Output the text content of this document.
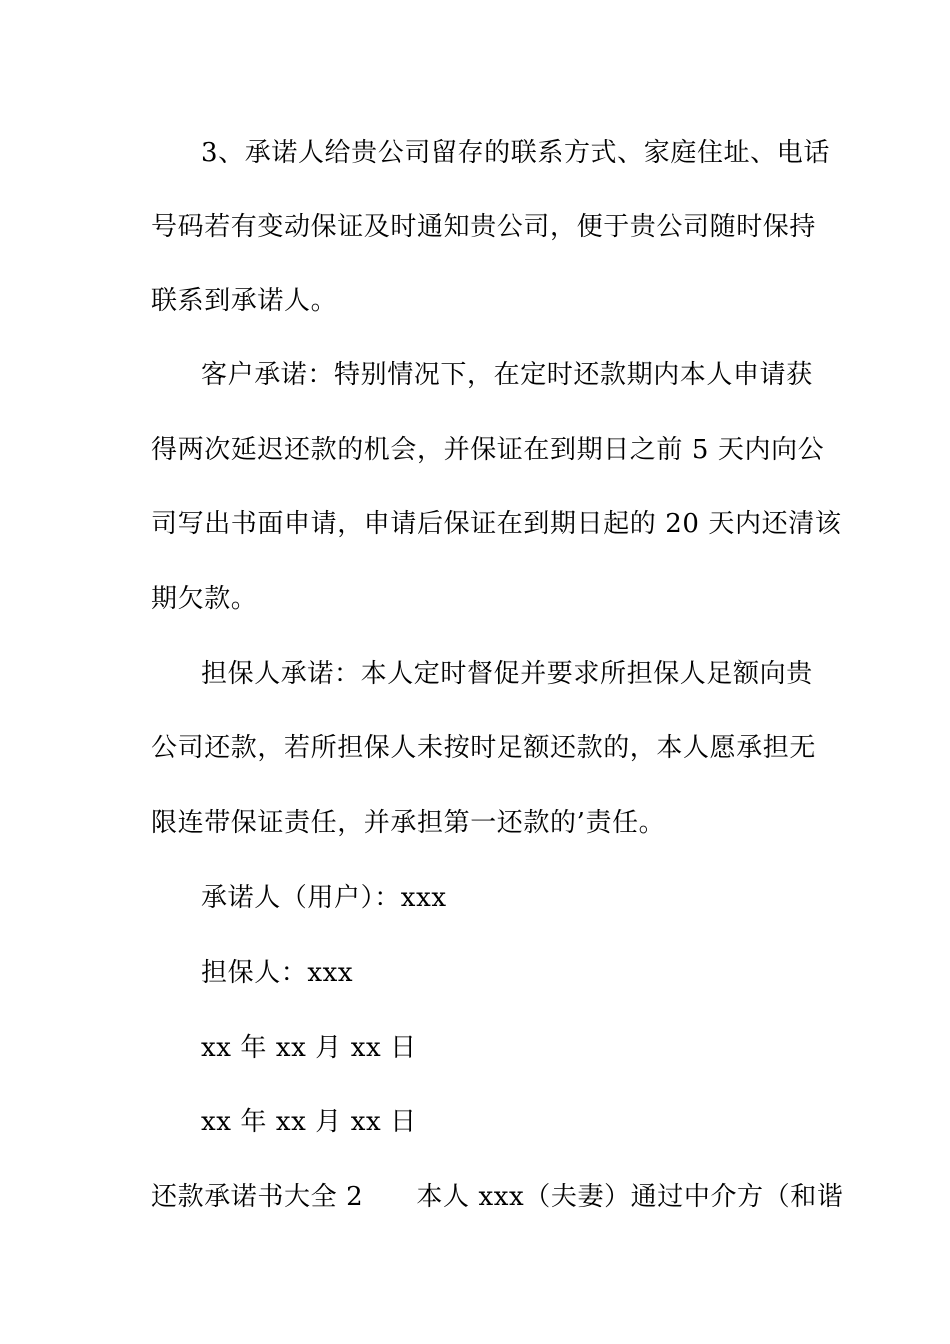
3、承诺人给贵公司留存的联系方式、家庭住址、电话
号码若有变动保证及时通知贵公司，便于贵公司随时保持
联系到承诺人。
客户承诺：特别情况下，在定时还款期内本人申请获
得两次延迟还款的机会，并保证在到期日之前 5 天内向公
司写出书面申请，申请后保证在到期日起的 20 天内还清该
期欠款。
担保人承诺：本人定时督促并要求所担保人足额向贵
公司还款，若所担保人未按时足额还款的，本人愿承担无
限连带保证责任，并承担第一还款的’责任。
承诺人（用户）：xxx
担保人：xxx
xx 年 xx 月 xx 日
xx 年 xx 月 xx 日
还款承诺书大全 2　　本人 xxx（夫妻）通过中介方（和谐
